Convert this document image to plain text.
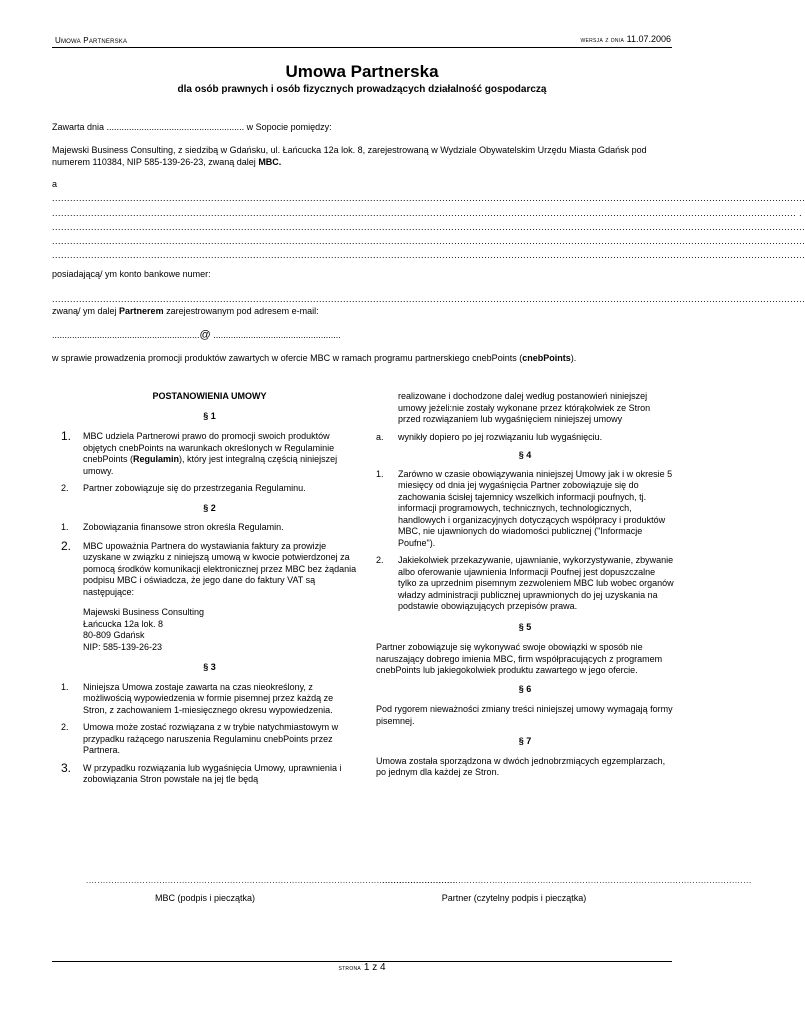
Umowa Partnerska	wersja z dnia 11.07.2006
Umowa Partnerska
dla osób prawnych i osób fizycznych prowadzących działalność gospodarczą
Zawarta dnia ....................................................... w Sopocie pomiędzy:
Majewski Business Consulting, z siedzibą w Gdańsku, ul. Łańcucka 12a lok. 8, zarejestrowaną w Wydziale Obywatelskim Urzędu Miasta Gdańsk pod numerem 110384, NIP 585-139-26-23, zwaną dalej MBC.
a
...........................................................................................................................................................................................................................................................
........................................................................................................................................................................................................................................................ .
...........................................................................................................................................................................................................................................................
...........................................................................................................................................................................................................................................................
...........................................................................................................................................................................................................................................................
posiadającą/ ym konto bankowe numer:
...........................................................................................................................................................................................................................................................
zwaną/ ym dalej Partnerem zarejestrowanym pod adresem e-mail:
...........................................................@ ...................................................
w sprawie prowadzenia promocji produktów zawartych w ofercie MBC w ramach programu partnerskiego cnebPoints (cnebPoints).
POSTANOWIENIA UMOWY
§ 1
1.	MBC udziela Partnerowi prawo do promocji swoich produktów objętych cnebPoints na warunkach określonych w Regulaminie cnebPoints (Regulamin), który jest integralną częścią niniejszej umowy.
2.	Partner zobowiązuje się do przestrzegania Regulaminu.
§ 2
1.	Zobowiązania finansowe stron określa Regulamin.
2.	MBC upoważnia Partnera do wystawiania faktury za prowizje uzyskane w związku z niniejszą umową w kwocie potwierdzonej za pomocą środków komunikacji elektronicznej przez MBC bez żądania podpisu MBC i oświadcza, że jego dane do faktury VAT są następujące:
Majewski Business Consulting
Łańcucka 12a lok. 8
80-809 Gdańsk
NIP: 585-139-26-23
§ 3
1.	Niniejsza Umowa zostaje zawarta na czas nieokreślony, z możliwością wypowiedzenia w formie pisemnej przez każdą ze Stron, z zachowaniem 1-miesięcznego okresu wypowiedzenia.
2.	Umowa może zostać rozwiązana z w trybie natychmiastowym w przypadku rażącego naruszenia Regulaminu cnebPoints przez Partnera.
3.	W przypadku rozwiązania lub wygaśnięcia Umowy, uprawnienia i zobowiązania Stron powstałe na jej tle będą
realizowane i dochodzone dalej według postanowień niniejszej umowy jeżeli:nie zostały wykonane przez którąkolwiek ze Stron przed rozwiązaniem lub wygaśnięciem niniejszej umowy
a.	wynikły dopiero po jej rozwiązaniu lub wygaśnięciu.
§ 4
1.	Zarówno w czasie obowiązywania niniejszej Umowy jak i w okresie 5 miesięcy od dnia jej wygaśnięcia Partner zobowiązuje się do zachowania ścisłej tajemnicy wszelkich informacji poufnych, tj. informacji programowych, technicznych, technologicznych, handlowych i organizacyjnych dotyczących współpracy i produktów MBC, nie ujawnionych do wiadomości publicznej ("Informacje Poufne").
2.	Jakiekolwiek przekazywanie, ujawnianie, wykorzystywanie, zbywanie albo oferowanie ujawnienia Informacji Poufnej jest dopuszczalne tylko za uprzednim pisemnym zezwoleniem MBC lub wobec organów władzy administracji publicznej uprawnionych do jej uzyskania na podstawie obowiązujących przepisów prawa.
§ 5
Partner zobowiązuje się wykonywać swoje obowiązki w sposób nie naruszający dobrego imienia MBC, firm współpracujących z programem cnebPoints lub jakiegokolwiek produktu zawartego w jego ofercie.
§ 6
Pod rygorem nieważności zmiany treści niniejszej umowy wymagają formy pisemnej.
§ 7
Umowa została sporządzona w dwóch jednobrzmiących egzemplarzach, po jednym dla każdej ze Stron.
...................................................................................................................................
MBC (podpis i pieczątka)
...................................................................................................................................
Partner (czytelny podpis i pieczątka)
strona 1 z 4
